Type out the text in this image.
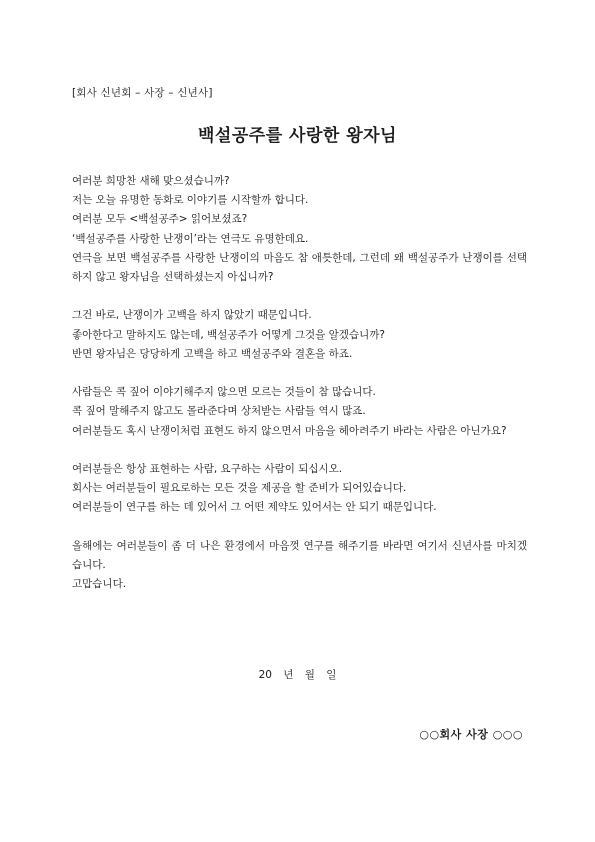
[회사 신년회 – 사장 – 신년사]
백설공주를 사랑한 왕자님
여러분 희망찬 새해 맞으셨습니까?
저는 오늘 유명한 동화로 이야기를 시작할까 합니다.
여러분 모두 <백설공주> 읽어보셨죠?
‘백설공주를 사랑한 난쟁이’라는 연극도 유명한데요.
연극을 보면 백설공주를 사랑한 난쟁이의 마음도 참 애틋한데, 그런데 왜 백설공주가 난쟁이를 선택하지 않고 왕자님을 선택하셨는지 아십니까?
그건 바로, 난쟁이가 고백을 하지 않았기 때문입니다.
좋아한다고 말하지도 않는데, 백설공주가 어떻게 그것을 알겠습니까?
반면 왕자님은 당당하게 고백을 하고 백설공주와 결혼을 하죠.
사람들은 콕 짚어 이야기해주지 않으면 모르는 것들이 참 많습니다.
콕 짚어 말해주지 않고도 몰라준다며 상처받는 사람들 역시 많죠.
여러분들도 혹시 난쟁이처럼 표현도 하지 않으면서 마음을 헤아려주기 바라는 사람은 아닌가요?
여러분들은 항상 표현하는 사람, 요구하는 사람이 되십시오.
회사는 여러분들이 필요로하는 모든 것을 제공을 할 준비가 되어있습니다.
여러분들이 연구를 하는 데 있어서 그 어떤 제약도 있어서는 안 되기 때문입니다.
올해에는 여러분들이 좀 더 나은 환경에서 마음껏 연구를 해주기를 바라면 여기서 신년사를 마치겠습니다.
고맙습니다.
20 년 월 일
○○회사 사장 ○○○
